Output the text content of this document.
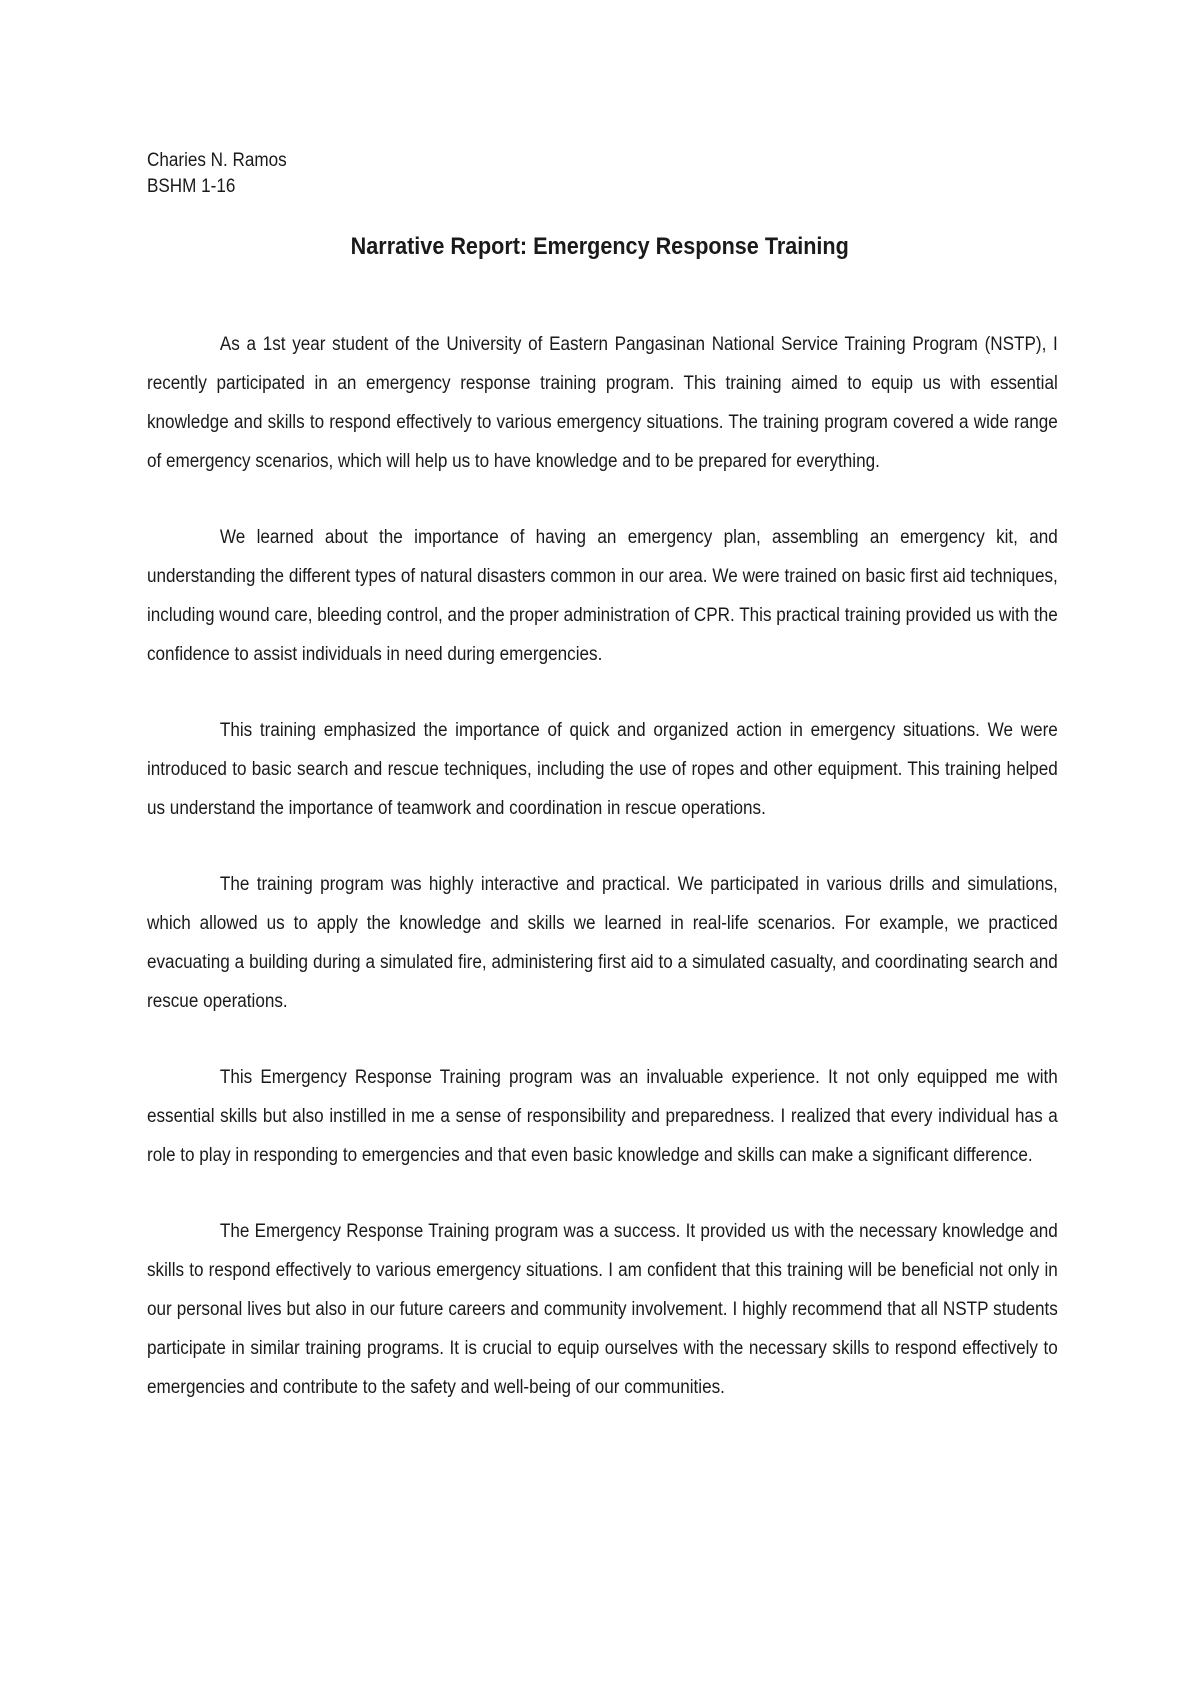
Charies N. Ramos
BSHM 1-16
Narrative Report: Emergency Response Training

As a 1st year student of the University of Eastern Pangasinan National Service Training Program (NSTP), I recently participated in an emergency response training program. This training aimed to equip us with essential knowledge and skills to respond effectively to various emergency situations. The training program covered a wide range of emergency scenarios, which will help us to have knowledge and to be prepared for everything.

We learned about the importance of having an emergency plan, assembling an emergency kit, and understanding the different types of natural disasters common in our area. We were trained on basic first aid techniques, including wound care, bleeding control, and the proper administration of CPR. This practical training provided us with the confidence to assist individuals in need during emergencies.

This training emphasized the importance of quick and organized action in emergency situations. We were introduced to basic search and rescue techniques, including the use of ropes and other equipment. This training helped us understand the importance of teamwork and coordination in rescue operations.

The training program was highly interactive and practical. We participated in various drills and simulations, which allowed us to apply the knowledge and skills we learned in real-life scenarios. For example, we practiced evacuating a building during a simulated fire, administering first aid to a simulated casualty, and coordinating search and rescue operations.

This Emergency Response Training program was an invaluable experience. It not only equipped me with essential skills but also instilled in me a sense of responsibility and preparedness. I realized that every individual has a role to play in responding to emergencies and that even basic knowledge and skills can make a significant difference.

The Emergency Response Training program was a success. It provided us with the necessary knowledge and skills to respond effectively to various emergency situations. I am confident that this training will be beneficial not only in our personal lives but also in our future careers and community involvement. I highly recommend that all NSTP students participate in similar training programs. It is crucial to equip ourselves with the necessary skills to respond effectively to emergencies and contribute to the safety and well-being of our communities.
